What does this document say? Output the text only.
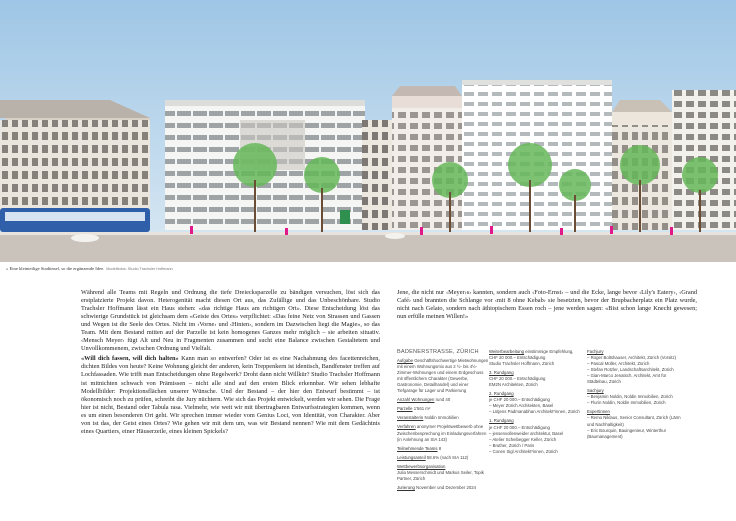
« Eine kleinteilige Stadtinsel, so die ergänzende Idee. Modellfotos: Studio Trachsler Hoffmann

Während alle Teams mit Regeln und Ordnung die tiefe Dreiecksparzelle zu bändigen versuchen, löst sich das erstplatzierte Projekt davon. Heterogenität macht diesen Ort aus, das Zufällige und das Unbeschönbare. Studio Trachsler Hoffmann lässt ein Haus stehen: «das richtige Haus am richtigen Ort». Diese Entscheidung löst das schwierige Grundstück ist gleichsam dem «Geiste des Ortes» verpflichtet: «Das feine Netz von Strassen und Gassen und Wegen ist die Seele des Ortes. Nicht im ‹Vorne› und ‹Hinten›, sondern im Dazwischen liegt die Magie», so das Team. Mit dem Bestand mitten auf der Parzelle ist kein homogenes Ganzes mehr möglich – sie arbeiten situativ. ‹Mensch Meyer› fügt Alt und Neu in Fragmenten zusammen und sucht eine Balance zwischen Gestaltetem und Unvollkommenem, zwischen Ordnung und Vielfalt.

«Will dich fassen, will dich halten» Kann man so entwerfen? Oder ist es eine Nachahmung des facettenreichen, dichten Bildes von heute? Keine Wohnung gleicht der anderen, kein Treppenkern ist identisch, Bandfenster treffen auf Lochfassaden. Wie trifft man Entscheidungen ohne Regelwerk? Droht dann nicht Willkür? Studio Trachsler Hoffmann ist mitnichten schwach von Prämissen – nicht alle sind auf den ersten Blick erkennbar. Wir sehen lebhafte Modellbilder: Projektionsflächen unserer Wünsche. Und der Bestand – der hier den Entwurf bestimmt – ist ökonomisch noch zu prüfen, schreibt die Jury nüchtern. Wie sich das Projekt entwickelt, werden wir sehen. Die Frage hier ist nicht, Bestand oder Tabula rasa. Vielmehr, wie weit wir mit übertragbaren Entwurfsstrategien kommen, wenn es um einen besonderen Ort geht. Wir sprechen immer wieder vom Genius Loci, von Identität, von Charakter. Aber von ist das, der Geist eines Ortes? Wie gehen wir mit dem um, was wir Bestand nennen? Wie mit dem Gedächtnis eines Quartiers, einer Häuserzeile, eines kleinen Spickels?

Jene, die nicht nur ‹Meyer›s› kannten, sondern auch ‹Foto-Ernst› – und die Ecke, lange bevor ‹Lily's Eatery›, ‹Grand Café› und brannten die Schlange vor ‹mit 8 ohne Kebab› sie besetzten, bevor der Brupbacherplatz ein Platz wurde, nicht nach Gelato, sondern nach äthiopischem Essen roch – jene werden sagen: «Bist schon lange Knecht gewesen; nun erfülle meinen Willen!»

BADENERSTRASSE, ZÜRICH
Aufgabe Geschäftshochwertige Mietwohnungen mit einem Wohnungsmix aus 2 ½- bis 4½-Zimmer-Wohnungen und einem Erdgeschoss mit öffentlichem Charakter (Gewerbe, Gastronomie, Detailhandel) und einer Tiefgarage für Lager und Parkierung
Anzahl Wohnungen rund 40
Parzelle 1'561 m²
Veranstalterin Noldin Immobilien
Verfahren anonymer Projektwettbewerb ohne Zwischenbesprechung im Einladungsverfahren (in Anlehnung an SIA 143)
Teilnehmende Teams 8
Leistungsanteil 58.6% (nach SIA 112)
Wettbewerbsorganisation
Julia Messerschmidt und Markus Seiler, Topik Partner, Zürich
Jurierung November und Dezember 2024
Weiterbearbeitung einstimmige Empfehlung, CHF 20 000.– Entschädigung
Studio Trachsler Hoffmann, Zürich
3. Rundgang
CHF 20 000.– Entschädigung
EM2N Architekten, Zürich
2. Rundgang
je CHF 20 000.– Entschädigung
– Meyer Zürich Architekten, Basel
– Lütjens Padmanabhan Architekt*innen, Zürich
1. Rundgang
je CHF 20 000.– Entschädigung
– jessenvollenweider architektur, Basel
– Atelier Scheibegger Keller, Zürich
– Bruther, Zürich / Paris
– Conen Sigl Architekt*innen, Zürich
Fachjury
– Roger Boltshauser, Architekt, Zürich (Vorsitz)
– Pascal Müller, Architekt, Zürich
– Stefan Rotzler, Landschaftsarchitekt, Zürich
– Gian-Marco Jenatsch, Architekt, Amt für Städtebau, Zürich
Sachjury
– Benjamin Noldin, Noldin Immobilien, Zürich
– Flurin Noldin, Noldin Immobilien, Zürich
Expertinnen
– Remo Niklaus, Senior Consultant, Zürich (Lärm und Nachhaltigkeit)
– Eric Bourquin, Bauingenieur, Winterthur (Baumanagement)
